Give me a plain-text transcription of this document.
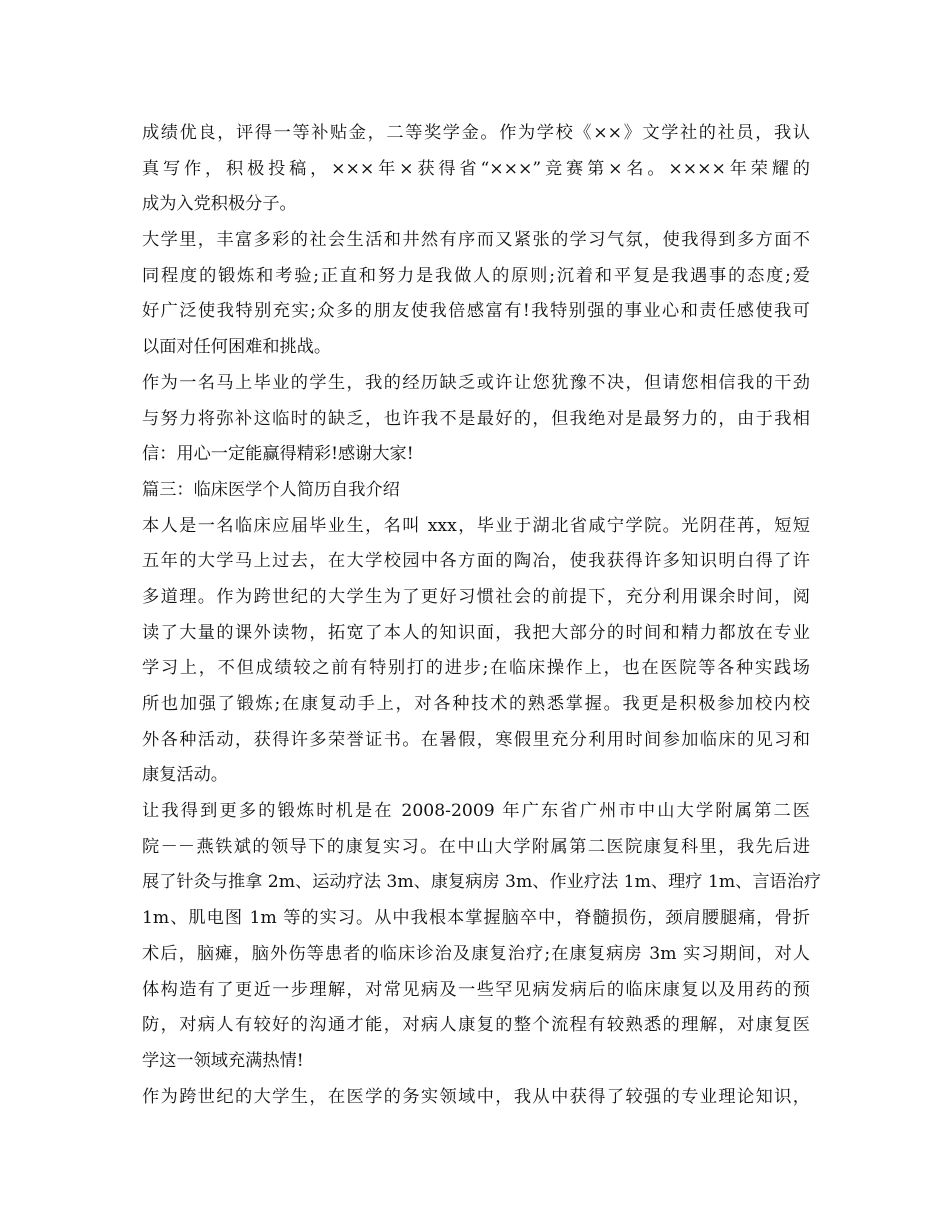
成绩优良，评得一等补贴金，二等奖学金。作为学校《××》文学社的社员，我认
真写作，积极投稿，×××年×获得省“×××”竞赛第×名。××××年荣耀的
成为入党积极分子。
大学里，丰富多彩的社会生活和井然有序而又紧张的学习气氛，使我得到多方面不
同程度的锻炼和考验;正直和努力是我做人的原则;沉着和平复是我遇事的态度;爱
好广泛使我特别充实;众多的朋友使我倍感富有!我特别强的事业心和责任感使我可
以面对任何困难和挑战。
作为一名马上毕业的学生，我的经历缺乏或许让您犹豫不决，但请您相信我的干劲
与努力将弥补这临时的缺乏，也许我不是最好的，但我绝对是最努力的，由于我相
信：用心一定能赢得精彩!感谢大家!
篇三：临床医学个人简历自我介绍
本人是一名临床应届毕业生，名叫 xxx，毕业于湖北省咸宁学院。光阴荏苒，短短
五年的大学马上过去，在大学校园中各方面的陶冶，使我获得许多知识明白得了许
多道理。作为跨世纪的大学生为了更好习惯社会的前提下，充分利用课余时间，阅
读了大量的课外读物，拓宽了本人的知识面，我把大部分的时间和精力都放在专业
学习上，不但成绩较之前有特别打的进步;在临床操作上，也在医院等各种实践场
所也加强了锻炼;在康复动手上，对各种技术的熟悉掌握。我更是积极参加校内校
外各种活动，获得许多荣誉证书。在暑假，寒假里充分利用时间参加临床的见习和
康复活动。
让我得到更多的锻炼时机是在 2008-2009 年广东省广州市中山大学附属第二医
院－－燕铁斌的领导下的康复实习。在中山大学附属第二医院康复科里，我先后进
展了针灸与推拿 2m、运动疗法 3m、康复病房 3m、作业疗法 1m、理疗 1m、言语治疗
1m、肌电图 1m 等的实习。从中我根本掌握脑卒中，脊髓损伤，颈肩腰腿痛，骨折
术后，脑瘫，脑外伤等患者的临床诊治及康复治疗;在康复病房 3m 实习期间，对人
体构造有了更近一步理解，对常见病及一些罕见病发病后的临床康复以及用药的预
防，对病人有较好的沟通才能，对病人康复的整个流程有较熟悉的理解，对康复医
学这一领域充满热情!
作为跨世纪的大学生，在医学的务实领域中，我从中获得了较强的专业理论知识，
